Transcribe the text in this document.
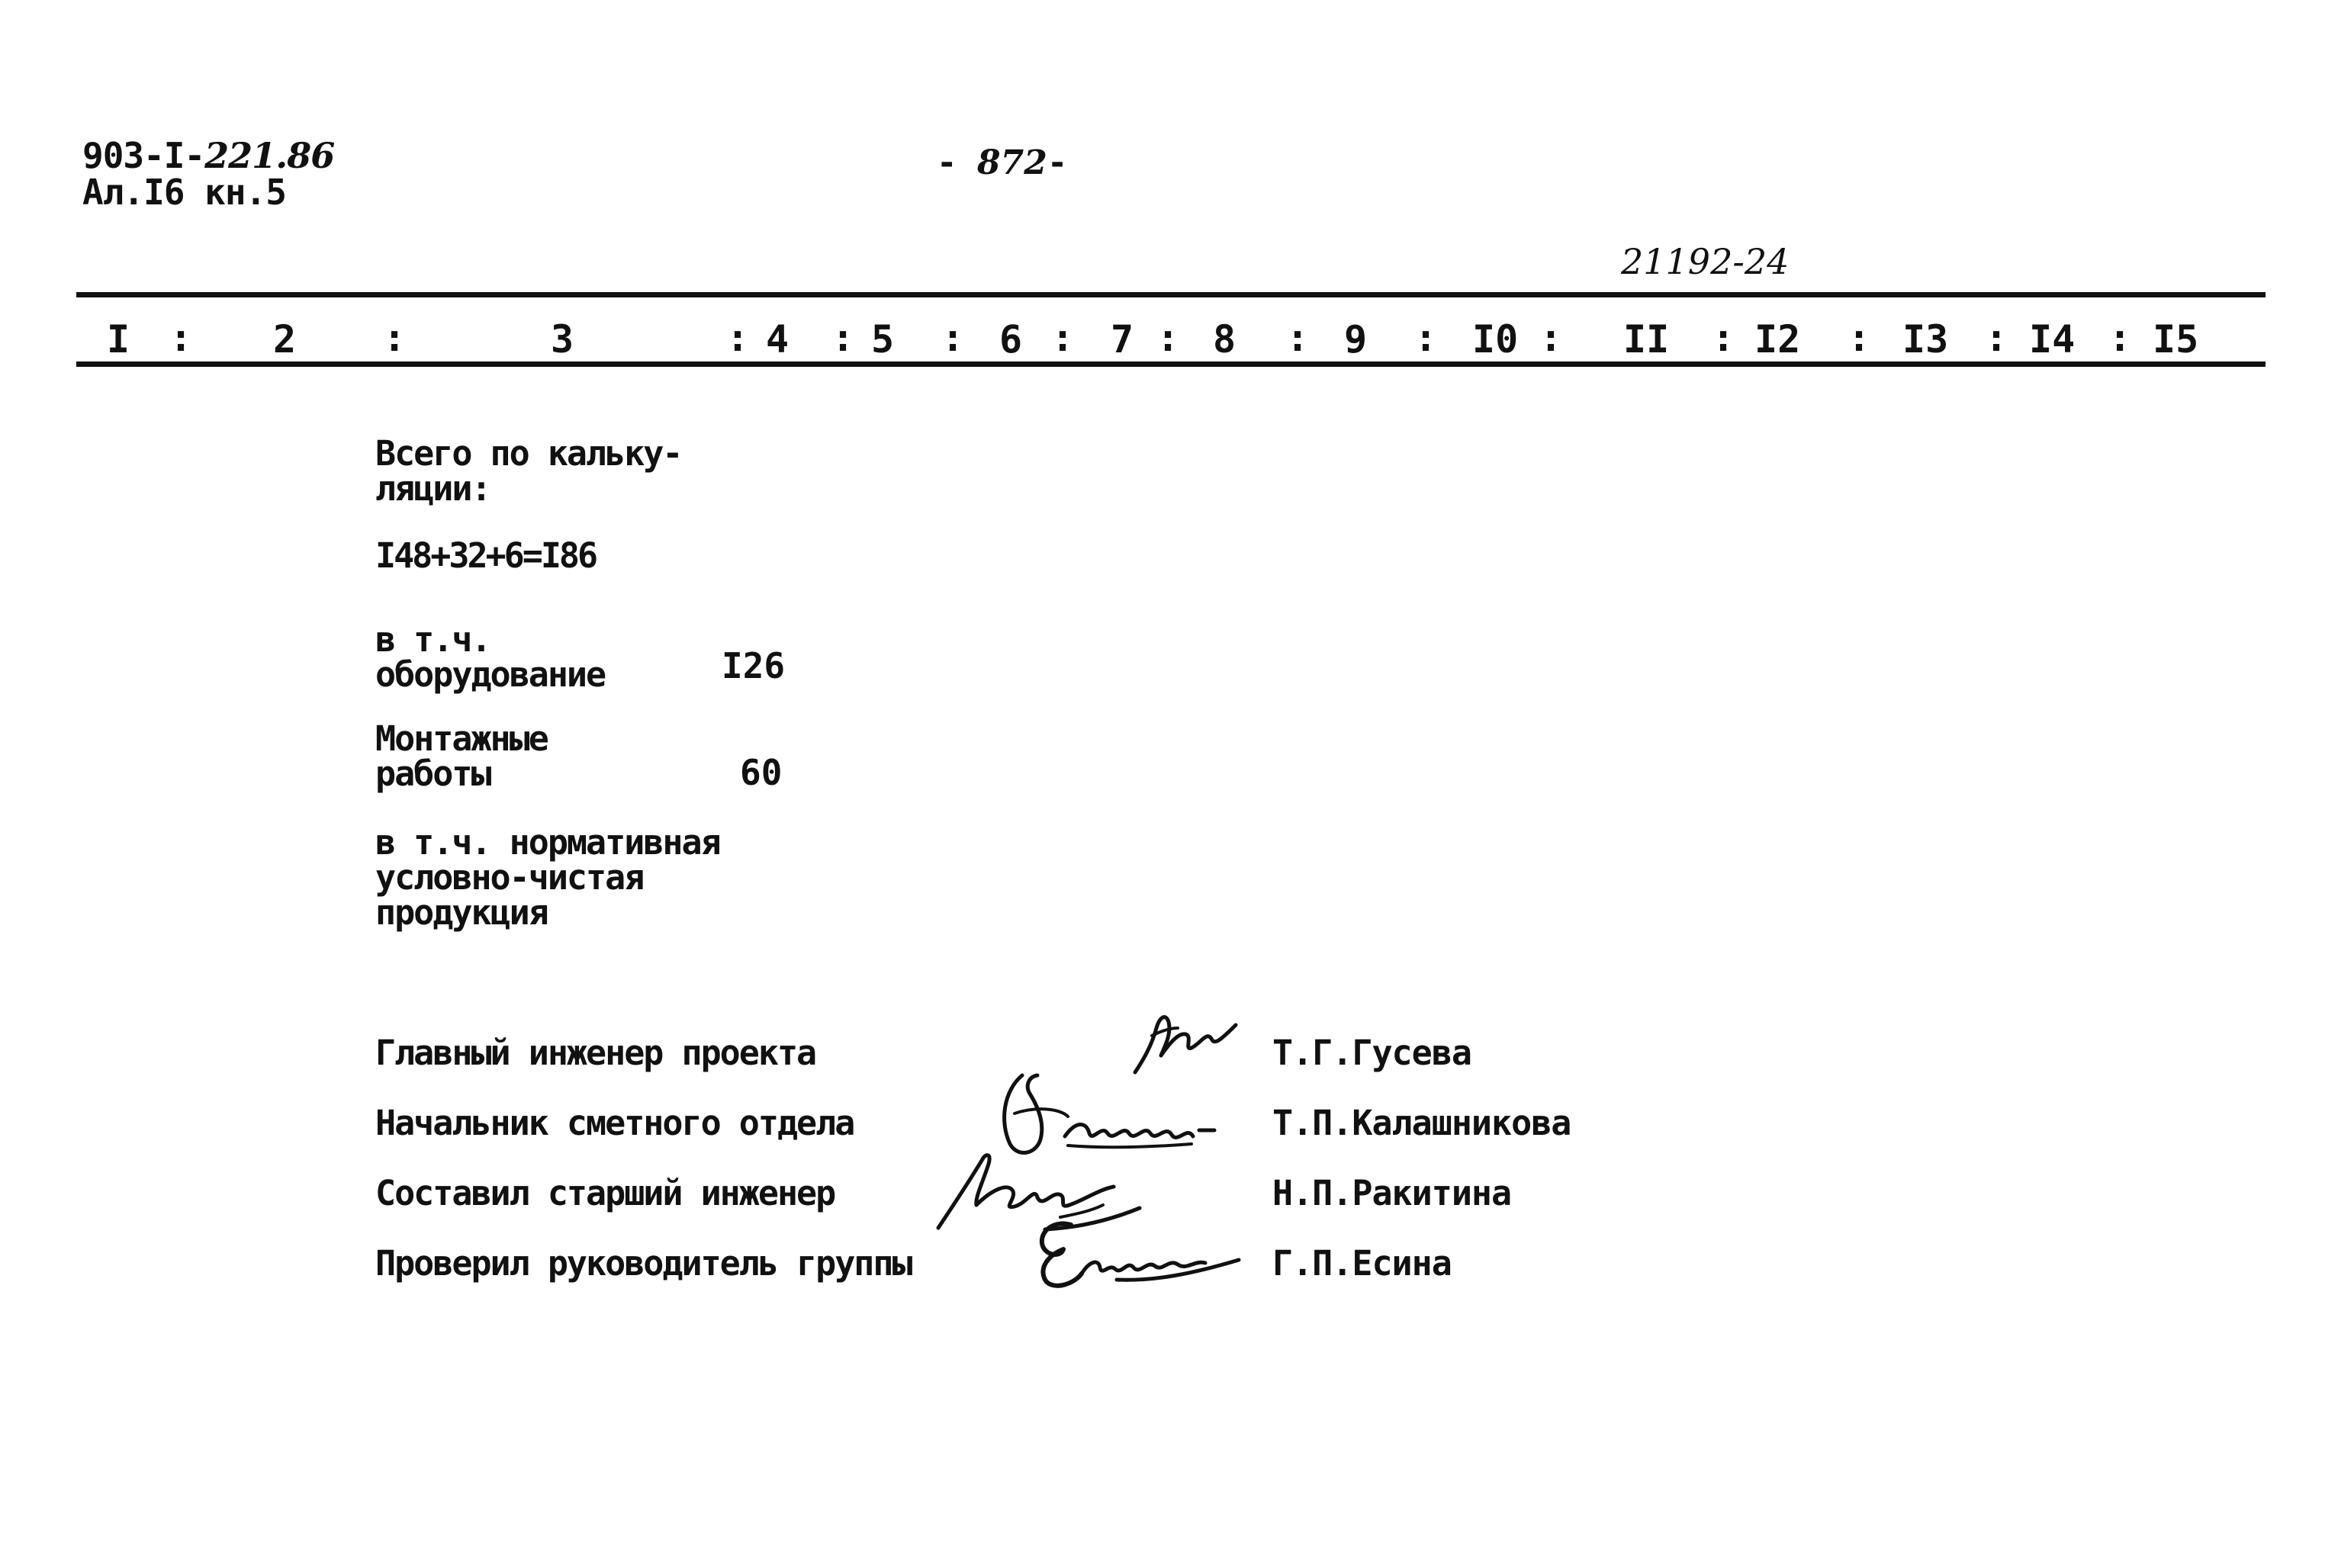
903-I-221.86
Ал.I6 кн.5
- 872-
21192-24
I : 2 :	3	: 4 : 5 : 6 : 7 : 8 : 9 : I0 : II : I2 : I3 : I4 : I5
Всего по кальку-
ляции:
I48+32+6=I86
в т.ч.
оборудование	I26
Монтажные
работы	60
в т.ч. нормативная
условно-чистая
продукция
Главный инженер проекта	Т.Г.Гусева
Начальник сметного отдела	Т.П.Калашникова
Составил старший инженер	Н.П.Ракитина
Проверил руководитель группы	Г.П.Есина
